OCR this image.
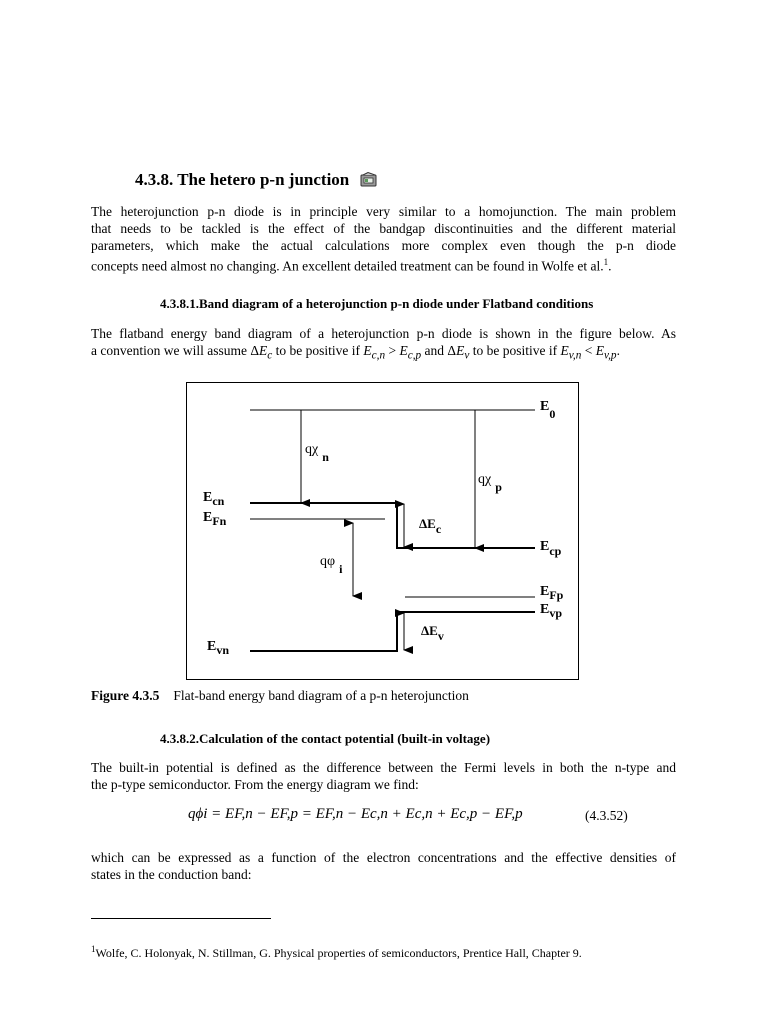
4.3.8. The hetero p-n junction
The heterojunction p-n diode is in principle very similar to a homojunction. The main problem
that needs to be tackled is the effect of the bandgap discontinuities and the different material
parameters, which make the actual calculations more complex even though the p-n diode
concepts need almost no changing. An excellent detailed treatment can be found in Wolfe et al.$^1$.
4.3.8.1.Band diagram of a heterojunction p-n diode under Flatband conditions
The flatband energy band diagram of a heterojunction p-n diode is shown in the figure below. As
a convention we will assume $\Delta E_c$ to be positive if $E_{c,n} > E_{c,p}$ and $\Delta E_v$ to be positive if $E_{v,n} < E_{v,p}$.
E0
qχ n
qχ p
Ecn
EFn	ΔEc
Ecp
qφ i
EFp
Evp
ΔEv
Evn
Figure 4.3.5 Flat-band energy band diagram of a p-n heterojunction
4.3.8.2.Calculation of the contact potential (built-in voltage)
The built-in potential is defined as the difference between the Fermi levels in both the n-type and
the p-type semiconductor. From the energy diagram we find:
qϕi = EF,n − EF,p = EF,n − Ec,n + Ec,n + Ec,p − EF,p	(4.3.52)
which can be expressed as a function of the electron concentrations and the effective densities of
states in the conduction band:
$^1$Wolfe, C. Holonyak, N. Stillman, G. Physical properties of semiconductors, Prentice Hall, Chapter 9.
